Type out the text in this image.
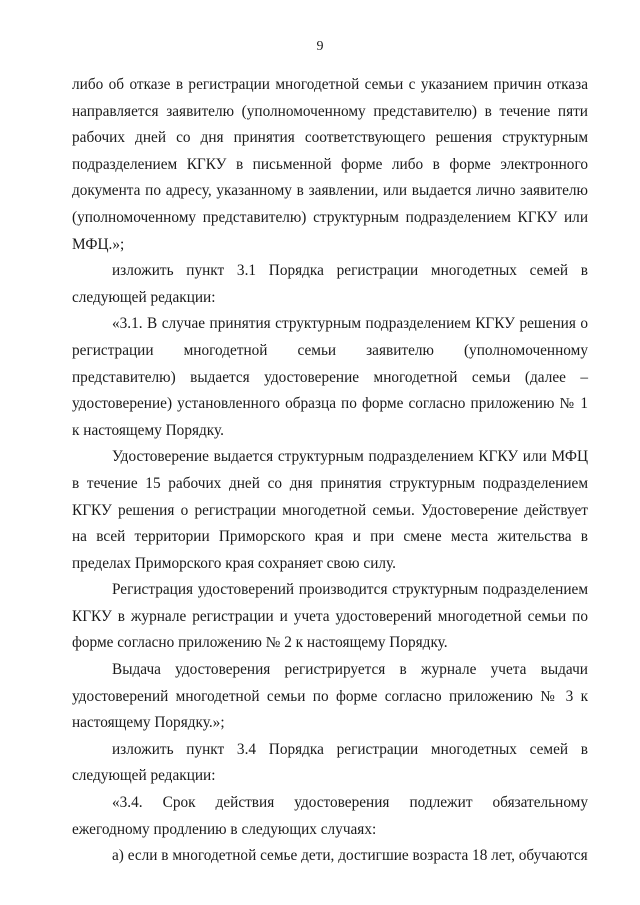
9

либо об отказе в регистрации многодетной семьи с указанием причин отказа направляется заявителю (уполномоченному представителю) в течение пяти рабочих дней со дня принятия соответствующего решения структурным подразделением КГКУ в письменной форме либо в форме электронного документа по адресу, указанному в заявлении, или выдается лично заявителю (уполномоченному представителю) структурным подразделением КГКУ или МФЦ.»;

изложить пункт 3.1 Порядка регистрации многодетных семей в следующей редакции:

«3.1. В случае принятия структурным подразделением КГКУ решения о регистрации многодетной семьи заявителю (уполномоченному представителю) выдается удостоверение многодетной семьи (далее – удостоверение) установленного образца по форме согласно приложению № 1 к настоящему Порядку.

Удостоверение выдается структурным подразделением КГКУ или МФЦ в течение 15 рабочих дней со дня принятия структурным подразделением КГКУ решения о регистрации многодетной семьи. Удостоверение действует на всей территории Приморского края и при смене места жительства в пределах Приморского края сохраняет свою силу.

Регистрация удостоверений производится структурным подразделением КГКУ в журнале регистрации и учета удостоверений многодетной семьи по форме согласно приложению № 2 к настоящему Порядку.

Выдача удостоверения регистрируется в журнале учета выдачи удостоверений многодетной семьи по форме согласно приложению № 3 к настоящему Порядку.»;

изложить пункт 3.4 Порядка регистрации многодетных семей в следующей редакции:

«3.4. Срок действия удостоверения подлежит обязательному ежегодному продлению в следующих случаях:

а) если в многодетной семье дети, достигшие возраста 18 лет, обучаются
